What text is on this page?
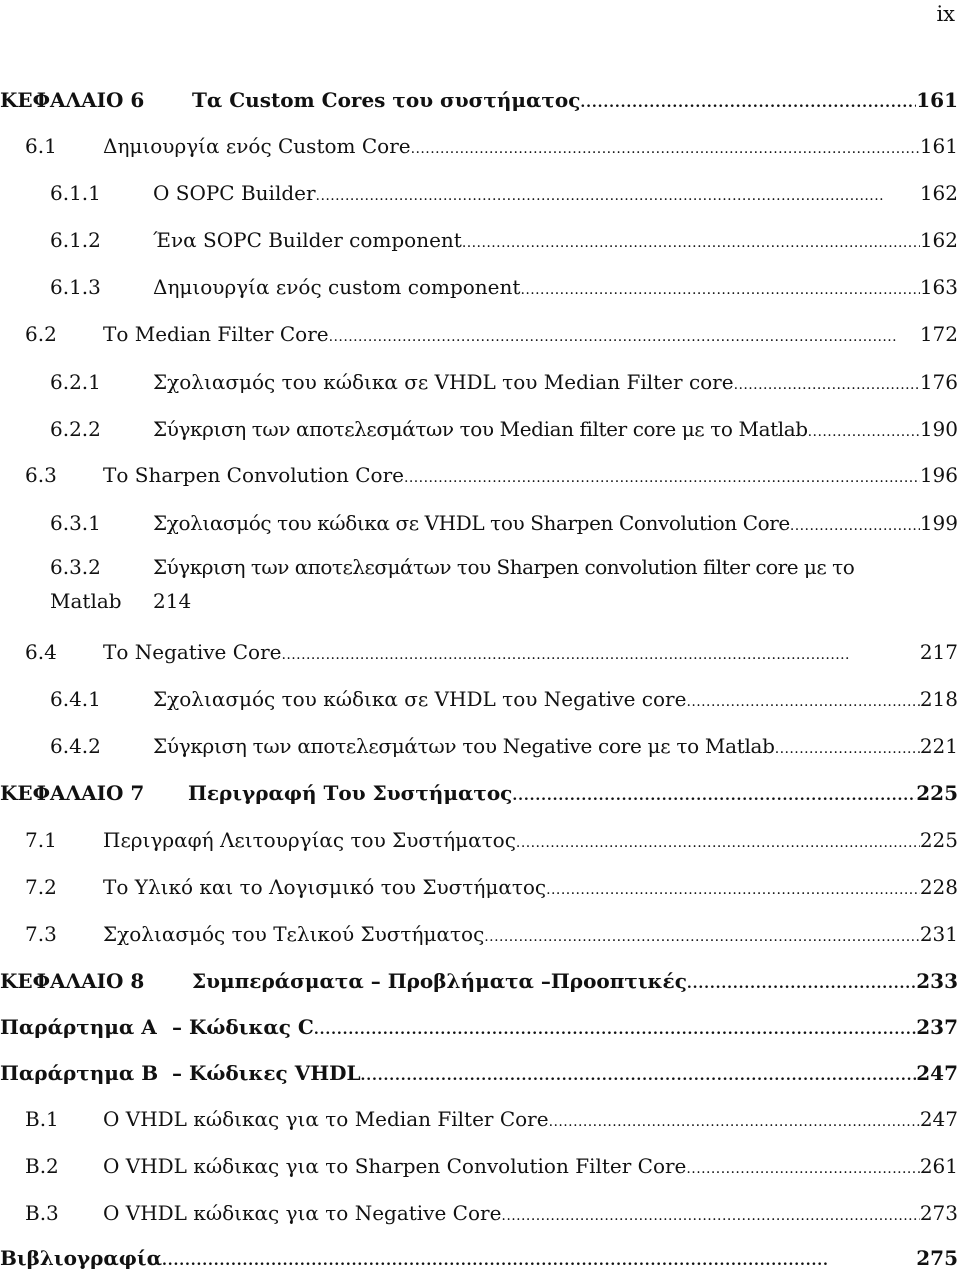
ix
ΚΕΦΑΛΑΙΟ 6	Τα Custom Cores του συστήματος . . .	161
6.1	Δημιουργία ενός Custom Core . . .	161
6.1.1	Ο SOPC Builder . . .	162
6.1.2	Ένα SOPC Builder component . . .	162
6.1.3	Δημιουργία ενός custom component . . .	163
6.2	Το Median Filter Core . . .	172
6.2.1	Σχολιασμός του κώδικα σε VHDL του Median Filter core . . .	176
6.2.2	Σύγκριση των αποτελεσμάτων του Median filter core με το Matlab . . .	190
6.3	Το Sharpen Convolution Core . . .	196
6.3.1	Σχολιασμός του κώδικα σε VHDL του Sharpen Convolution Core . . .	199
6.3.2	Σύγκριση των αποτελεσμάτων του Sharpen convolution filter core με το
Matlab 214
6.4	Το Negative Core . . .	217
6.4.1	Σχολιασμός του κώδικα σε VHDL του Negative core . . .	218
6.4.2	Σύγκριση των αποτελεσμάτων του Negative core με το Matlab . . .	221
ΚΕΦΑΛΑΙΟ 7	Περιγραφή Του Συστήματος . . .	225
7.1	Περιγραφή Λειτουργίας του Συστήματος . . .	225
7.2	Το Υλικό και το Λογισμικό του Συστήματος . . .	228
7.3	Σχολιασμός του Τελικού Συστήματος . . .	231
ΚΕΦΑΛΑΙΟ 8	Συμπεράσματα – Προβλήματα –Προοπτικές . . .	233
Παράρτημα Α – Κώδικας C . . .	237
Παράρτημα Β – Κώδικες VHDL . . .	247
Β.1	Ο VHDL κώδικας για το Median Filter Core . . .	247
Β.2	Ο VHDL κώδικας για το Sharpen Convolution Filter Core . . .	261
Β.3	Ο VHDL κώδικας για το Negative Core . . .	273
Βιβλιογραφία . . .	275
